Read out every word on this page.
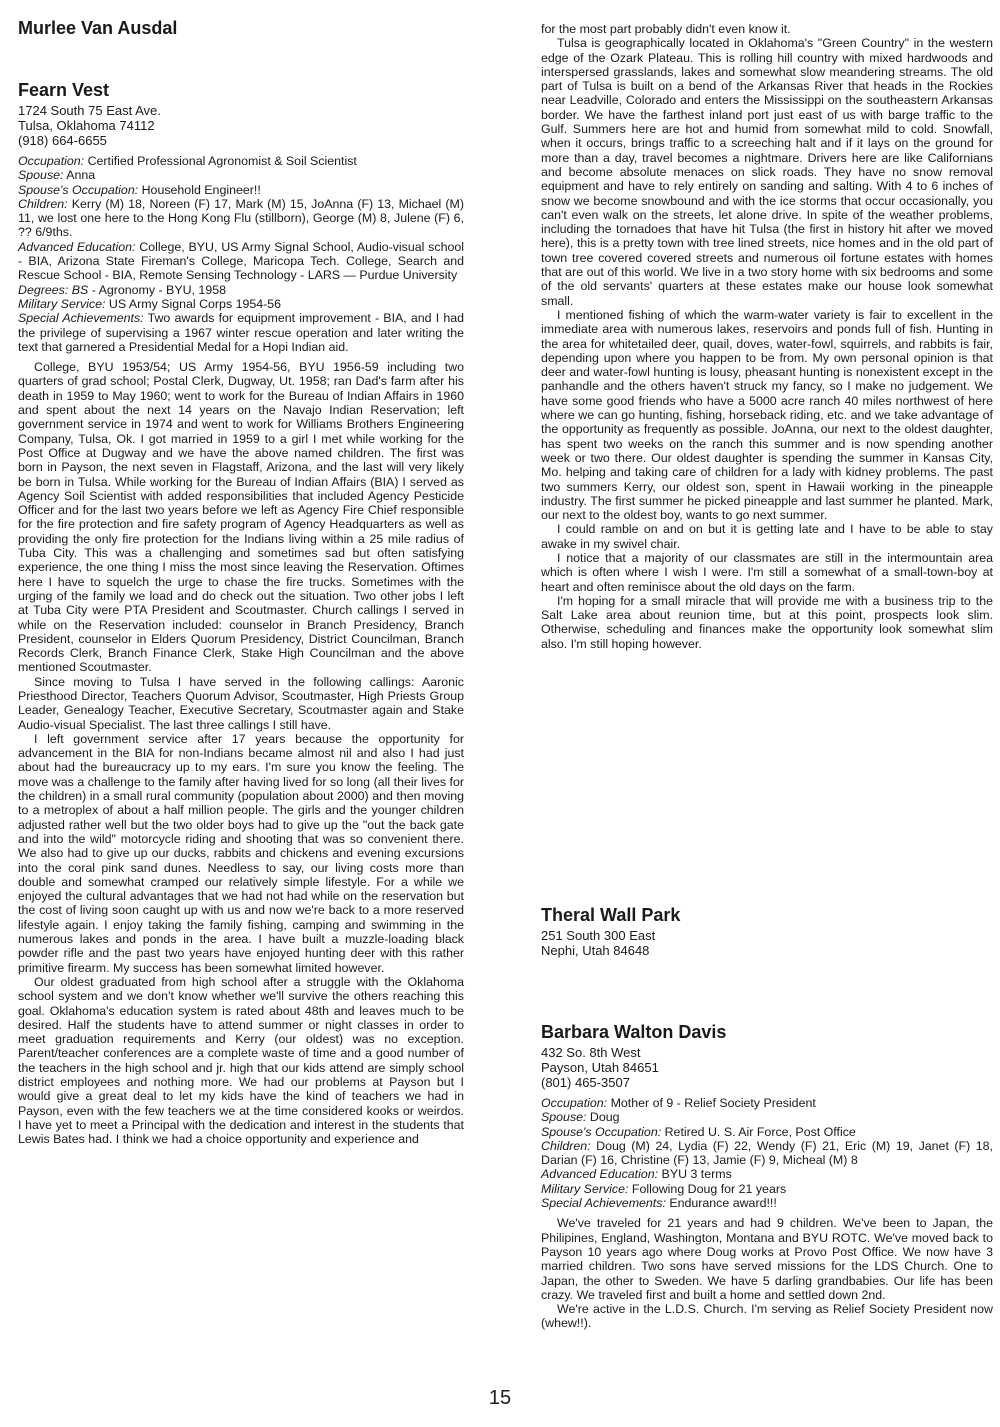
Murlee Van Ausdal
Fearn Vest

1724 South 75 East Ave.

Tulsa, Oklahoma 74112

(918) 664-6655

Occupation: Certified Professional Agronomist & Soil Scientist

Spouse: Anna

Spouse's Occupation: Household Engineer!!

Children: Kerry (M) 18, Noreen (F) 17, Mark (M) 15, JoAnna (F) 13, Michael (M) 11, we lost one here to the Hong Kong Flu (stillborn), George (M) 8, Julene (F) 6, ?? 6/9ths.

Advanced Education: College, BYU, US Army Signal School, Audio-visual school - BIA, Arizona State Fireman's College, Maricopa Tech. College, Search and Rescue School - BIA, Remote Sensing Technology - LARS — Purdue University

Degrees: BS - Agronomy - BYU, 1958

Military Service: US Army Signal Corps 1954-56

Special Achievements: Two awards for equipment improvement - BIA, and I had the privilege of supervising a 1967 winter rescue operation and later writing the text that garnered a Presidential Medal for a Hopi Indian aid.

College, BYU 1953/54; US Army 1954-56, BYU 1956-59 including two quarters of grad school; Postal Clerk, Dugway, Ut. 1958; ran Dad's farm after his death in 1959 to May 1960; went to work for the Bureau of Indian Affairs in 1960 and spent about the next 14 years on the Navajo Indian Reservation; left government service in 1974 and went to work for Williams Brothers Engineering Company, Tulsa, Ok. I got married in 1959 to a girl I met while working for the Post Office at Dugway and we have the above named children. The first was born in Payson, the next seven in Flagstaff, Arizona, and the last will very likely be born in Tulsa. While working for the Bureau of Indian Affairs (BIA) I served as Agency Soil Scientist with added responsibilities that included Agency Pesticide Officer and for the last two years before we left as Agency Fire Chief responsible for the fire protection and fire safety program of Agency Headquarters as well as providing the only fire protection for the Indians living within a 25 mile radius of Tuba City. This was a challenging and sometimes sad but often satisfying experience, the one thing I miss the most since leaving the Reservation. Oftimes here I have to squelch the urge to chase the fire trucks. Sometimes with the urging of the family we load and do check out the situation. Two other jobs I left at Tuba City were PTA President and Scoutmaster. Church callings I served in while on the Reservation included: counselor in Branch Presidency, Branch President, counselor in Elders Quorum Presidency, District Councilman, Branch Records Clerk, Branch Finance Clerk, Stake High Councilman and the above mentioned Scoutmaster.

Since moving to Tulsa I have served in the following callings: Aaronic Priesthood Director, Teachers Quorum Advisor, Scoutmaster, High Priests Group Leader, Genealogy Teacher, Executive Secretary, Scoutmaster again and Stake Audio-visual Specialist. The last three callings I still have.

I left government service after 17 years because the opportunity for advancement in the BIA for non-Indians became almost nil and also I had just about had the bureaucracy up to my ears. I'm sure you know the feeling. The move was a challenge to the family after having lived for so long (all their lives for the children) in a small rural community (population about 2000) and then moving to a metroplex of about a half million people. The girls and the younger children adjusted rather well but the two older boys had to give up the "out the back gate and into the wild" motorcycle riding and shooting that was so convenient there. We also had to give up our ducks, rabbits and chickens and evening excursions into the coral pink sand dunes. Needless to say, our living costs more than double and somewhat cramped our relatively simple lifestyle. For a while we enjoyed the cultural advantages that we had not had while on the reservation but the cost of living soon caught up with us and now we're back to a more reserved lifestyle again. I enjoy taking the family fishing, camping and swimming in the numerous lakes and ponds in the area. I have built a muzzle-loading black powder rifle and the past two years have enjoyed hunting deer with this rather primitive firearm. My success has been somewhat limited however.

Our oldest graduated from high school after a struggle with the Oklahoma school system and we don't know whether we'll survive the others reaching this goal. Oklahoma's education system is rated about 48th and leaves much to be desired. Half the students have to attend summer or night classes in order to meet graduation requirements and Kerry (our oldest) was no exception. Parent/teacher conferences are a complete waste of time and a good number of the teachers in the high school and jr. high that our kids attend are simply school district employees and nothing more. We had our problems at Payson but I would give a great deal to let my kids have the kind of teachers we had in Payson, even with the few teachers we at the time considered kooks or weirdos. I have yet to meet a Principal with the dedication and interest in the students that Lewis Bates had. I think we had a choice opportunity and experience and

for the most part probably didn't even know it.

Tulsa is geographically located in Oklahoma's "Green Country" in the western edge of the Ozark Plateau. This is rolling hill country with mixed hardwoods and interspersed grasslands, lakes and somewhat slow meandering streams. The old part of Tulsa is built on a bend of the Arkansas River that heads in the Rockies near Leadville, Colorado and enters the Mississippi on the southeastern Arkansas border. We have the farthest inland port just east of us with barge traffic to the Gulf. Summers here are hot and humid from somewhat mild to cold. Snowfall, when it occurs, brings traffic to a screeching halt and if it lays on the ground for more than a day, travel becomes a nightmare. Drivers here are like Californians and become absolute menaces on slick roads. They have no snow removal equipment and have to rely entirely on sanding and salting. With 4 to 6 inches of snow we become snowbound and with the ice storms that occur occasionally, you can't even walk on the streets, let alone drive. In spite of the weather problems, including the tornadoes that have hit Tulsa (the first in history hit after we moved here), this is a pretty town with tree lined streets, nice homes and in the old part of town tree covered covered streets and numerous oil fortune estates with homes that are out of this world. We live in a two story home with six bedrooms and some of the old servants' quarters at these estates make our house look somewhat small.

I mentioned fishing of which the warm-water variety is fair to excellent in the immediate area with numerous lakes, reservoirs and ponds full of fish. Hunting in the area for whitetailed deer, quail, doves, water-fowl, squirrels, and rabbits is fair, depending upon where you happen to be from. My own personal opinion is that deer and water-fowl hunting is lousy, pheasant hunting is nonexistent except in the panhandle and the others haven't struck my fancy, so I make no judgement. We have some good friends who have a 5000 acre ranch 40 miles northwest of here where we can go hunting, fishing, horseback riding, etc. and we take advantage of the opportunity as frequently as possible. JoAnna, our next to the oldest daughter, has spent two weeks on the ranch this summer and is now spending another week or two there. Our oldest daughter is spending the summer in Kansas City, Mo. helping and taking care of children for a lady with kidney problems. The past two summers Kerry, our oldest son, spent in Hawaii working in the pineapple industry. The first summer he picked pineapple and last summer he planted. Mark, our next to the oldest boy, wants to go next summer.

I could ramble on and on but it is getting late and I have to be able to stay awake in my swivel chair.

I notice that a majority of our classmates are still in the intermountain area which is often where I wish I were. I'm still a somewhat of a small-town-boy at heart and often reminisce about the old days on the farm.

I'm hoping for a small miracle that will provide me with a business trip to the Salt Lake area about reunion time, but at this point, prospects look slim. Otherwise, scheduling and finances make the opportunity look somewhat slim also. I'm still hoping however.

Theral Wall Park

251 South 300 East

Nephi, Utah 84648

Barbara Walton Davis

432 So. 8th West

Payson, Utah 84651

(801) 465-3507

Occupation: Mother of 9 - Relief Society President

Spouse: Doug

Spouse's Occupation: Retired U. S. Air Force, Post Office

Children: Doug (M) 24, Lydia (F) 22, Wendy (F) 21, Eric (M) 19, Janet (F) 18, Darian (F) 16, Christine (F) 13, Jamie (F) 9, Micheal (M) 8

Advanced Education: BYU 3 terms

Military Service: Following Doug for 21 years

Special Achievements: Endurance award!!!

We've traveled for 21 years and had 9 children. We've been to Japan, the Philipines, England, Washington, Montana and BYU ROTC. We've moved back to Payson 10 years ago where Doug works at Provo Post Office. We now have 3 married children. Two sons have served missions for the LDS Church. One to Japan, the other to Sweden. We have 5 darling grandbabies. Our life has been crazy. We traveled first and built a home and settled down 2nd.

We're active in the L.D.S. Church. I'm serving as Relief Society President now (whew!!).

15
